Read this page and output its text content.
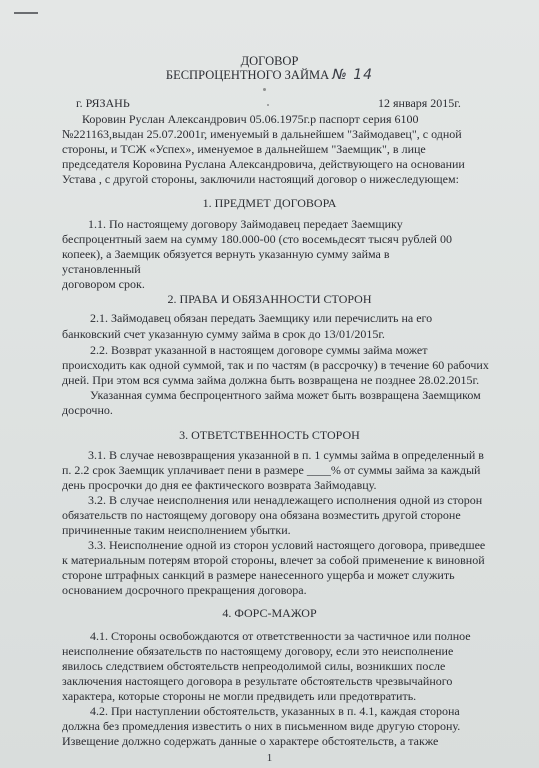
ДОГОВОР
БЕСПРОЦЕНТНОГО ЗАЙМА № 14
г. РЯЗАНЬ	12 января 2015г.
Коровин Руслан Александрович 05.06.1975г.р паспорт серия 6100
№221163,выдан 25.07.2001г, именуемый в дальнейшем "Займодавец", с одной
стороны, и ТСЖ «Успех», именуемое в дальнейшем "Заемщик", в лице
председателя Коровина Руслана Александровича, действующего на основании
Устава , с другой стороны, заключили настоящий договор о нижеследующем:
1. ПРЕДМЕТ ДОГОВОРА
1.1. По настоящему договору Займодавец передает Заемщику
беспроцентный заем на сумму 180.000-00 (сто восемьдесят тысяч рублей 00
копеек), а Заемщик обязуется вернуть указанную сумму займа в
установленный
договором срок.
2. ПРАВА И ОБЯЗАННОСТИ СТОРОН
2.1. Займодавец обязан передать Заемщику или перечислить на его
банковский счет указанную сумму займа в срок до 13/01/2015г.
2.2. Возврат указанной в настоящем договоре суммы займа может
происходить как одной суммой, так и по частям (в рассрочку) в течение 60 рабочих
дней. При этом вся сумма займа должна быть возвращена не позднее 28.02.2015г.
Указанная сумма беспроцентного займа может быть возвращена Заемщиком
досрочно.
3. ОТВЕТСТВЕННОСТЬ СТОРОН
3.1. В случае невозвращения указанной в п. 1 суммы займа в определенный в
п. 2.2 срок Заемщик уплачивает пени в размере ____% от суммы займа за каждый
день просрочки до дня ее фактического возврата Займодавцу.
3.2. В случае неисполнения или ненадлежащего исполнения одной из сторон
обязательств по настоящему договору она обязана возместить другой стороне
причиненные таким неисполнением убытки.
3.3. Неисполнение одной из сторон условий настоящего договора, приведшее
к материальным потерям второй стороны, влечет за собой применение к виновной
стороне штрафных санкций в размере нанесенного ущерба и может служить
основанием досрочного прекращения договора.
4. ФОРС-МАЖОР
4.1. Стороны освобождаются от ответственности за частичное или полное
неисполнение обязательств по настоящему договору, если это неисполнение
явилось следствием обстоятельств непреодолимой силы, возникших после
заключения настоящего договора в результате обстоятельств чрезвычайного
характера, которые стороны не могли предвидеть или предотвратить.
4.2. При наступлении обстоятельств, указанных в п. 4.1, каждая сторона
должна без промедления известить о них в письменном виде другую сторону.
Извещение должно содержать данные о характере обстоятельств, а также
1
